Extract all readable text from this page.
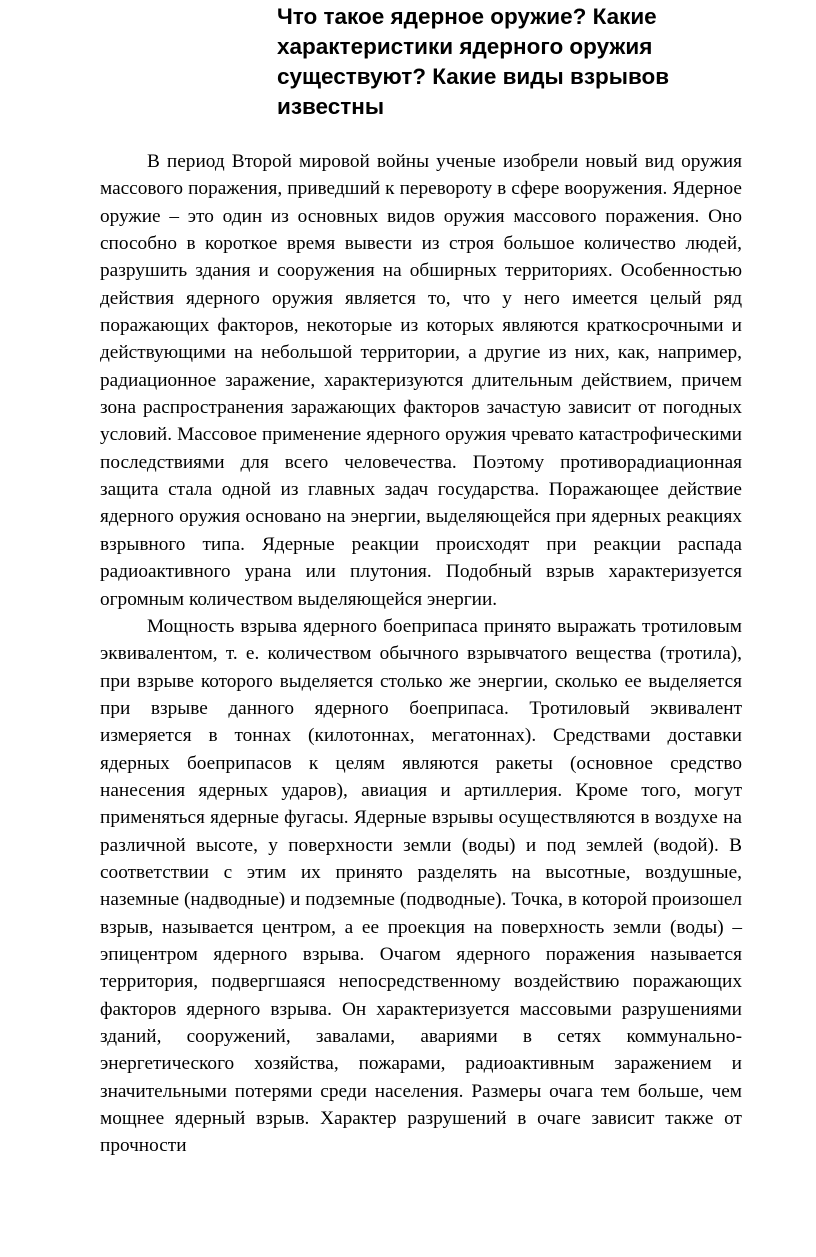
Что такое ядерное оружие? Какие характеристики ядерного оружия существуют? Какие виды взрывов известны

В период Второй мировой войны ученые изобрели новый вид оружия массового поражения, приведший к перевороту в сфере вооружения. Ядерное оружие – это один из основных видов оружия массового поражения. Оно способно в короткое время вывести из строя большое количество людей, разрушить здания и сооружения на обширных территориях. Особенностью действия ядерного оружия является то, что у него имеется целый ряд поражающих факторов, некоторые из которых являются краткосрочными и действующими на небольшой территории, а другие из них, как, например, радиационное заражение, характеризуются длительным действием, причем зона распространения заражающих факторов зачастую зависит от погодных условий. Массовое применение ядерного оружия чревато катастрофическими последствиями для всего человечества. Поэтому противорадиационная защита стала одной из главных задач государства. Поражающее действие ядерного оружия основано на энергии, выделяющейся при ядерных реакциях взрывного типа. Ядерные реакции происходят при реакции распада радиоактивного урана или плутония. Подобный взрыв характеризуется огромным количеством выделяющейся энергии.

Мощность взрыва ядерного боеприпаса принято выражать тротиловым эквивалентом, т. е. количеством обычного взрывчатого вещества (тротила), при взрыве которого выделяется столько же энергии, сколько ее выделяется при взрыве данного ядерного боеприпаса. Тротиловый эквивалент измеряется в тоннах (килотоннах, мегатоннах). Средствами доставки ядерных боеприпасов к целям являются ракеты (основное средство нанесения ядерных ударов), авиация и артиллерия. Кроме того, могут применяться ядерные фугасы. Ядерные взрывы осуществляются в воздухе на различной высоте, у поверхности земли (воды) и под землей (водой). В соответствии с этим их принято разделять на высотные, воздушные, наземные (надводные) и подземные (подводные). Точка, в которой произошел взрыв, называется центром, а ее проекция на поверхность земли (воды) – эпицентром ядерного взрыва. Очагом ядерного поражения называется территория, подвергшаяся непосредственному воздействию поражающих факторов ядерного взрыва. Он характеризуется массовыми разрушениями зданий, сооружений, завалами, авариями в сетях коммунально-энергетического хозяйства, пожарами, радиоактивным заражением и значительными потерями среди населения. Размеры очага тем больше, чем мощнее ядерный взрыв. Характер разрушений в очаге зависит также от прочности
